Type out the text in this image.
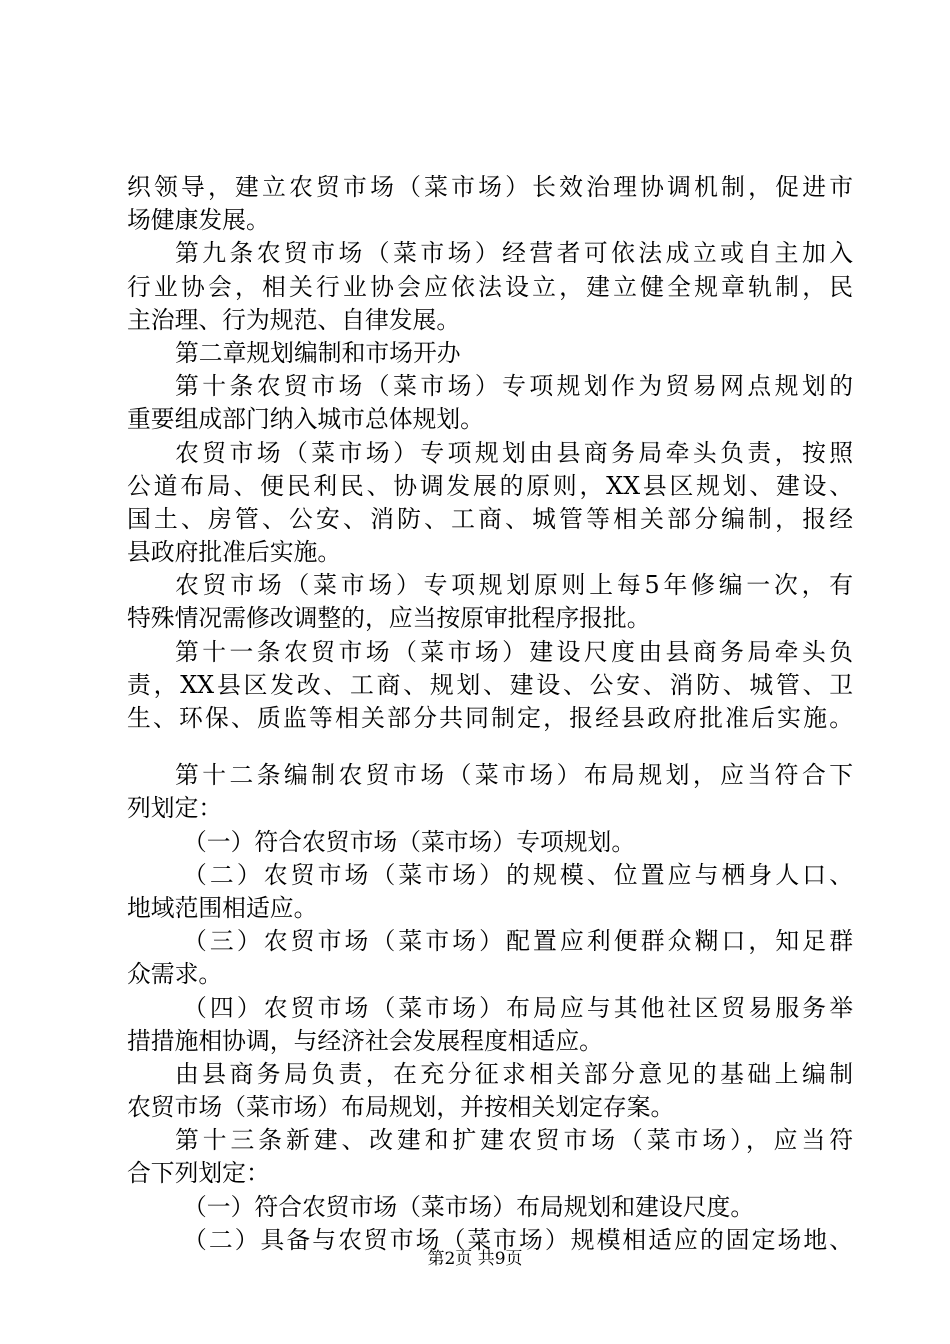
织领导，建立农贸市场（菜市场）长效治理协调机制，促进市
场健康发展。
第九条农贸市场（菜市场）经营者可依法成立或自主加入
行业协会，相关行业协会应依法设立，建立健全规章轨制，民
主治理、行为规范、自律发展。
第二章规划编制和市场开办
第十条农贸市场（菜市场）专项规划作为贸易网点规划的
重要组成部门纳入城市总体规划。
农贸市场（菜市场）专项规划由县商务局牵头负责，按照
公道布局、便民利民、协调发展的原则，XX县区规划、建设、
国土、房管、公安、消防、工商、城管等相关部分编制，报经
县政府批准后实施。
农贸市场（菜市场）专项规划原则上每5年修编一次，有
特殊情况需修改调整的，应当按原审批程序报批。
第十一条农贸市场（菜市场）建设尺度由县商务局牵头负
责，XX县区发改、工商、规划、建设、公安、消防、城管、卫
生、环保、质监等相关部分共同制定，报经县政府批准后实施。
第十二条编制农贸市场（菜市场）布局规划，应当符合下
列划定：
（一）符合农贸市场（菜市场）专项规划。
（二）农贸市场（菜市场）的规模、位置应与栖身人口、
地域范围相适应。
（三）农贸市场（菜市场）配置应利便群众糊口，知足群
众需求。
（四）农贸市场（菜市场）布局应与其他社区贸易服务举
措措施相协调，与经济社会发展程度相适应。
由县商务局负责，在充分征求相关部分意见的基础上编制
农贸市场（菜市场）布局规划，并按相关划定存案。
第十三条新建、改建和扩建农贸市场（菜市场），应当符
合下列划定：
（一）符合农贸市场（菜市场）布局规划和建设尺度。
（二）具备与农贸市场（菜市场）规模相适应的固定场地、
第2页 共9页
